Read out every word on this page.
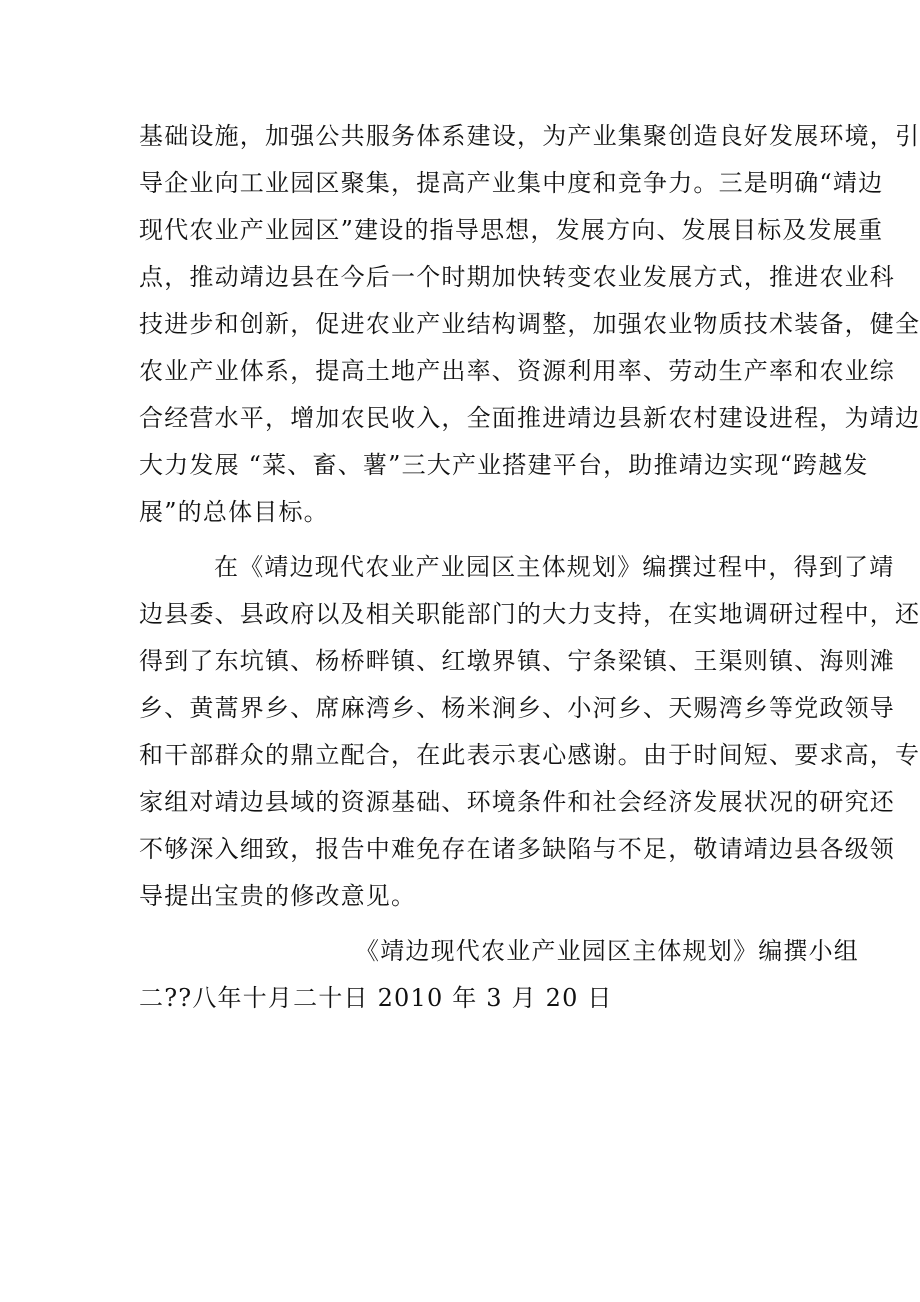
基础设施，加强公共服务体系建设，为产业集聚创造良好发展环境，引
导企业向工业园区聚集，提高产业集中度和竞争力。三是明确“靖边
现代农业产业园区”建设的指导思想，发展方向、发展目标及发展重
点，推动靖边县在今后一个时期加快转变农业发展方式，推进农业科
技进步和创新，促进农业产业结构调整，加强农业物质技术装备，健全
农业产业体系，提高土地产出率、资源利用率、劳动生产率和农业综
合经营水平，增加农民收入，全面推进靖边县新农村建设进程，为靖边
大力发展 “菜、畜、薯”三大产业搭建平台，助推靖边实现“跨越发
展”的总体目标。
在《靖边现代农业产业园区主体规划》编撰过程中，得到了靖
边县委、县政府以及相关职能部门的大力支持，在实地调研过程中，还
得到了东坑镇、杨桥畔镇、红墩界镇、宁条梁镇、王渠则镇、海则滩
乡、黄蒿界乡、席麻湾乡、杨米涧乡、小河乡、天赐湾乡等党政领导
和干部群众的鼎立配合，在此表示衷心感谢。由于时间短、要求高，专
家组对靖边县域的资源基础、环境条件和社会经济发展状况的研究还
不够深入细致，报告中难免存在诸多缺陷与不足，敬请靖边县各级领
导提出宝贵的修改意见。
《靖边现代农业产业园区主体规划》编撰小组
二??八年十月二十日 2010 年 3 月 20 日
